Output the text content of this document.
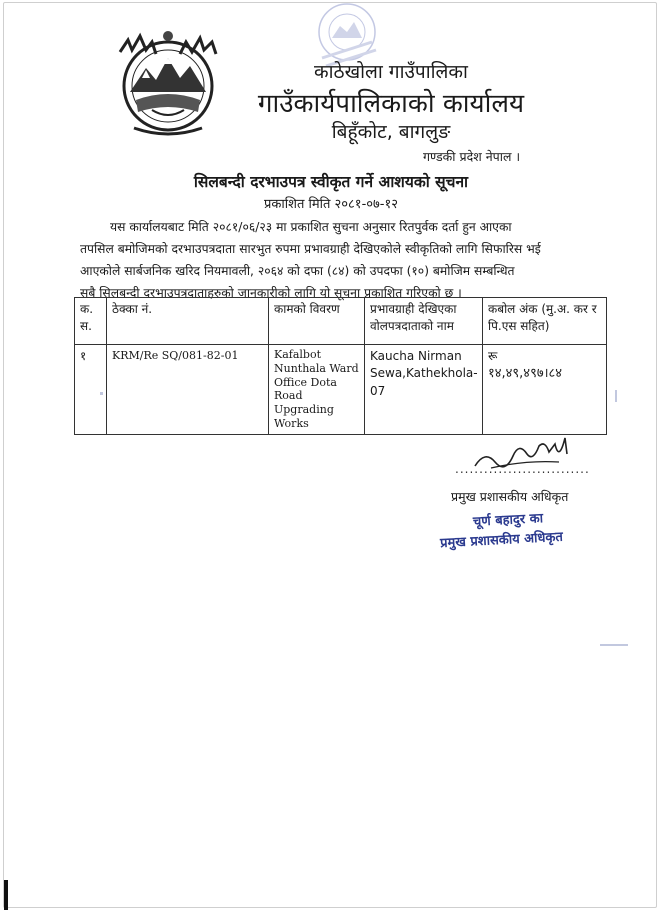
काठेखोला गाउँपालिका
गाउँकार्यपालिकाको कार्यालय
बिहूँकोट, बागलुङ
गण्डकी प्रदेश नेपाल ।
सिलबन्दी दरभाउपत्र स्वीकृत गर्ने आशयको सूचना
प्रकाशित मिति २०८१-०७-१२
यस कार्यालयबाट मिति २०८१/०६/२३ मा प्रकाशित सुचना अनुसार रितपुर्वक दर्ता हुन आएका
तपसिल बमोजिमको दरभाउपत्रदाता सारभुत रुपमा प्रभावग्राही देखिएकोले स्वीकृतिको लागि सिफारिस भई
आएकोले सार्बजनिक खरिद नियमावली, २०६४ को दफा (८४) को उपदफा (१०) बमोजिम सम्बन्धित
सबै सिलबन्दी दरभाउपत्रदाताहरुको जानकारीको लागि यो सूचना प्रकाशित गरिएको छ ।
क. स.	ठेक्का नं.	कामको विवरण	प्रभावग्राही देखिएका वोलपत्रदाताको नाम	कबोल अंक (मु.अ. कर र पि.एस सहित)
१	KRM/Re SQ/081-82-01	Kafalbot Nunthala Ward Office Dota Road Upgrading Works	Kaucha Nirman Sewa,Kathekhola-07	रू
१४,४९,४९७।८४
............................
प्रमुख प्रशासकीय अधिकृत
चूर्ण बहादुर का
प्रमुख प्रशासकीय अधिकृत
